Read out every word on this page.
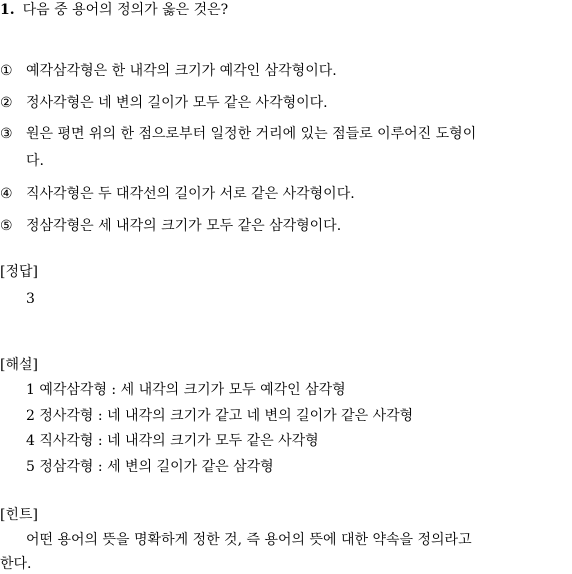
1. 다음 중 용어의 정의가 옳은 것은?
① 예각삼각형은 한 내각의 크기가 예각인 삼각형이다.
② 정사각형은 네 변의 길이가 모두 같은 사각형이다.
③ 원은 평면 위의 한 점으로부터 일정한 거리에 있는 점들로 이루어진 도형이
다.
④ 직사각형은 두 대각선의 길이가 서로 같은 사각형이다.
⑤ 정삼각형은 세 내각의 크기가 모두 같은 삼각형이다.
[정답]
3
[해설]
1 예각삼각형 : 세 내각의 크기가 모두 예각인 삼각형
2 정사각형 : 네 내각의 크기가 같고 네 변의 길이가 같은 사각형
4 직사각형 : 네 내각의 크기가 모두 같은 사각형
5 정삼각형 : 세 변의 길이가 같은 삼각형
[힌트]
어떤 용어의 뜻을 명확하게 정한 것, 즉 용어의 뜻에 대한 약속을 정의라고
한다.
